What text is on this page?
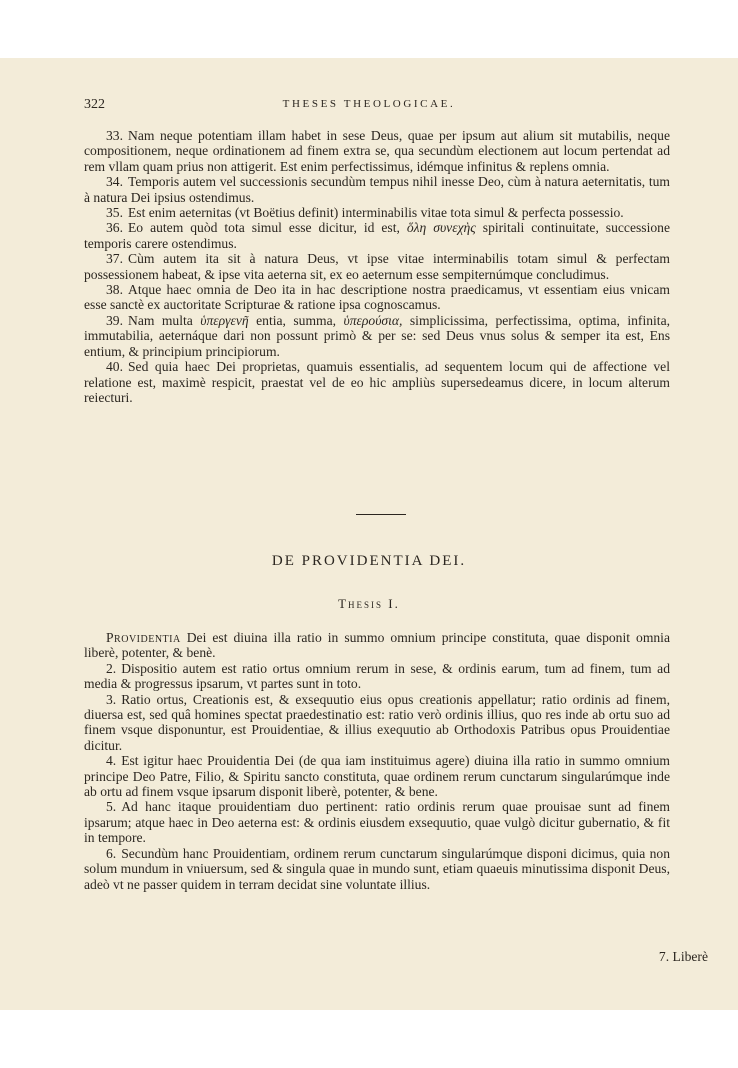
322	THESES THEOLOGICAE.

33. Nam neque potentiam illam habet in sese Deus, quae per ipsum aut alium sit mutabilis, neque compositionem, neque ordinationem ad finem extra se, qua secundùm electionem aut locum pertendat ad rem vllam quam prius non attigerit. Est enim perfectissimus, idémque infinitus & replens omnia.

34. Temporis autem vel successionis secundùm tempus nihil inesse Deo, cùm à natura aeternitatis, tum à natura Dei ipsius ostendimus.

35. Est enim aeternitas (vt Boëtius definit) interminabilis vitae tota simul & perfecta possessio.

36. Eo autem quòd tota simul esse dicitur, id est, ὅλη συνεχὴς spiritali continuitate, successione temporis carere ostendimus.

37. Cùm autem ita sit à natura Deus, vt ipse vitae interminabilis totam simul & perfectam possessionem habeat, & ipse vita aeterna sit, ex eo aeternum esse sempiternúmque concludimus.

38. Atque haec omnia de Deo ita in hac descriptione nostra praedicamus, vt essentiam eius vnicam esse sanctè ex auctoritate Scripturae & ratione ipsa cognoscamus.

39. Nam multa ὑπεργενῆ entia, summa, ὑπερούσια, simplicissima, perfectissima, optima, infinita, immutabilia, aeternáque dari non possunt primò & per se: sed Deus vnus solus & semper ita est, Ens entium, & principium principiorum.

40. Sed quia haec Dei proprietas, quamuis essentialis, ad sequentem locum qui de affectione vel relatione est, maximè respicit, praestat vel de eo hic ampliùs supersedeamus dicere, in locum alterum reiecturi.

DE PROVIDENTIA DEI.
Thesis I.

Providentia Dei est diuina illa ratio in summo omnium principe constituta, quae disponit omnia liberè, potenter, & benè.

2. Dispositio autem est ratio ortus omnium rerum in sese, & ordinis earum, tum ad finem, tum ad media & progressus ipsarum, vt partes sunt in toto.

3. Ratio ortus, Creationis est, & exsequutio eius opus creationis appellatur; ratio ordinis ad finem, diuersa est, sed quâ homines spectat praedestinatio est: ratio verò ordinis illius, quo res inde ab ortu suo ad finem vsque disponuntur, est Prouidentiae, & illius exequutio ab Orthodoxis Patribus opus Prouidentiae dicitur.

4. Est igitur haec Prouidentia Dei (de qua iam instituimus agere) diuina illa ratio in summo omnium principe Deo Patre, Filio, & Spiritu sancto constituta, quae ordinem rerum cunctarum singularúmque inde ab ortu ad finem vsque ipsarum disponit liberè, potenter, & bene.

5. Ad hanc itaque prouidentiam duo pertinent: ratio ordinis rerum quae prouisae sunt ad finem ipsarum; atque haec in Deo aeterna est: & ordinis eiusdem exsequutio, quae vulgò dicitur gubernatio, & fit in tempore.

6. Secundùm hanc Prouidentiam, ordinem rerum cunctarum singularúmque disponi dicimus, quia non solum mundum in vniuersum, sed & singula quae in mundo sunt, etiam quaeuis minutissima disponit Deus, adeò vt ne passer quidem in terram decidat sine voluntate illius.

7. Liberè
